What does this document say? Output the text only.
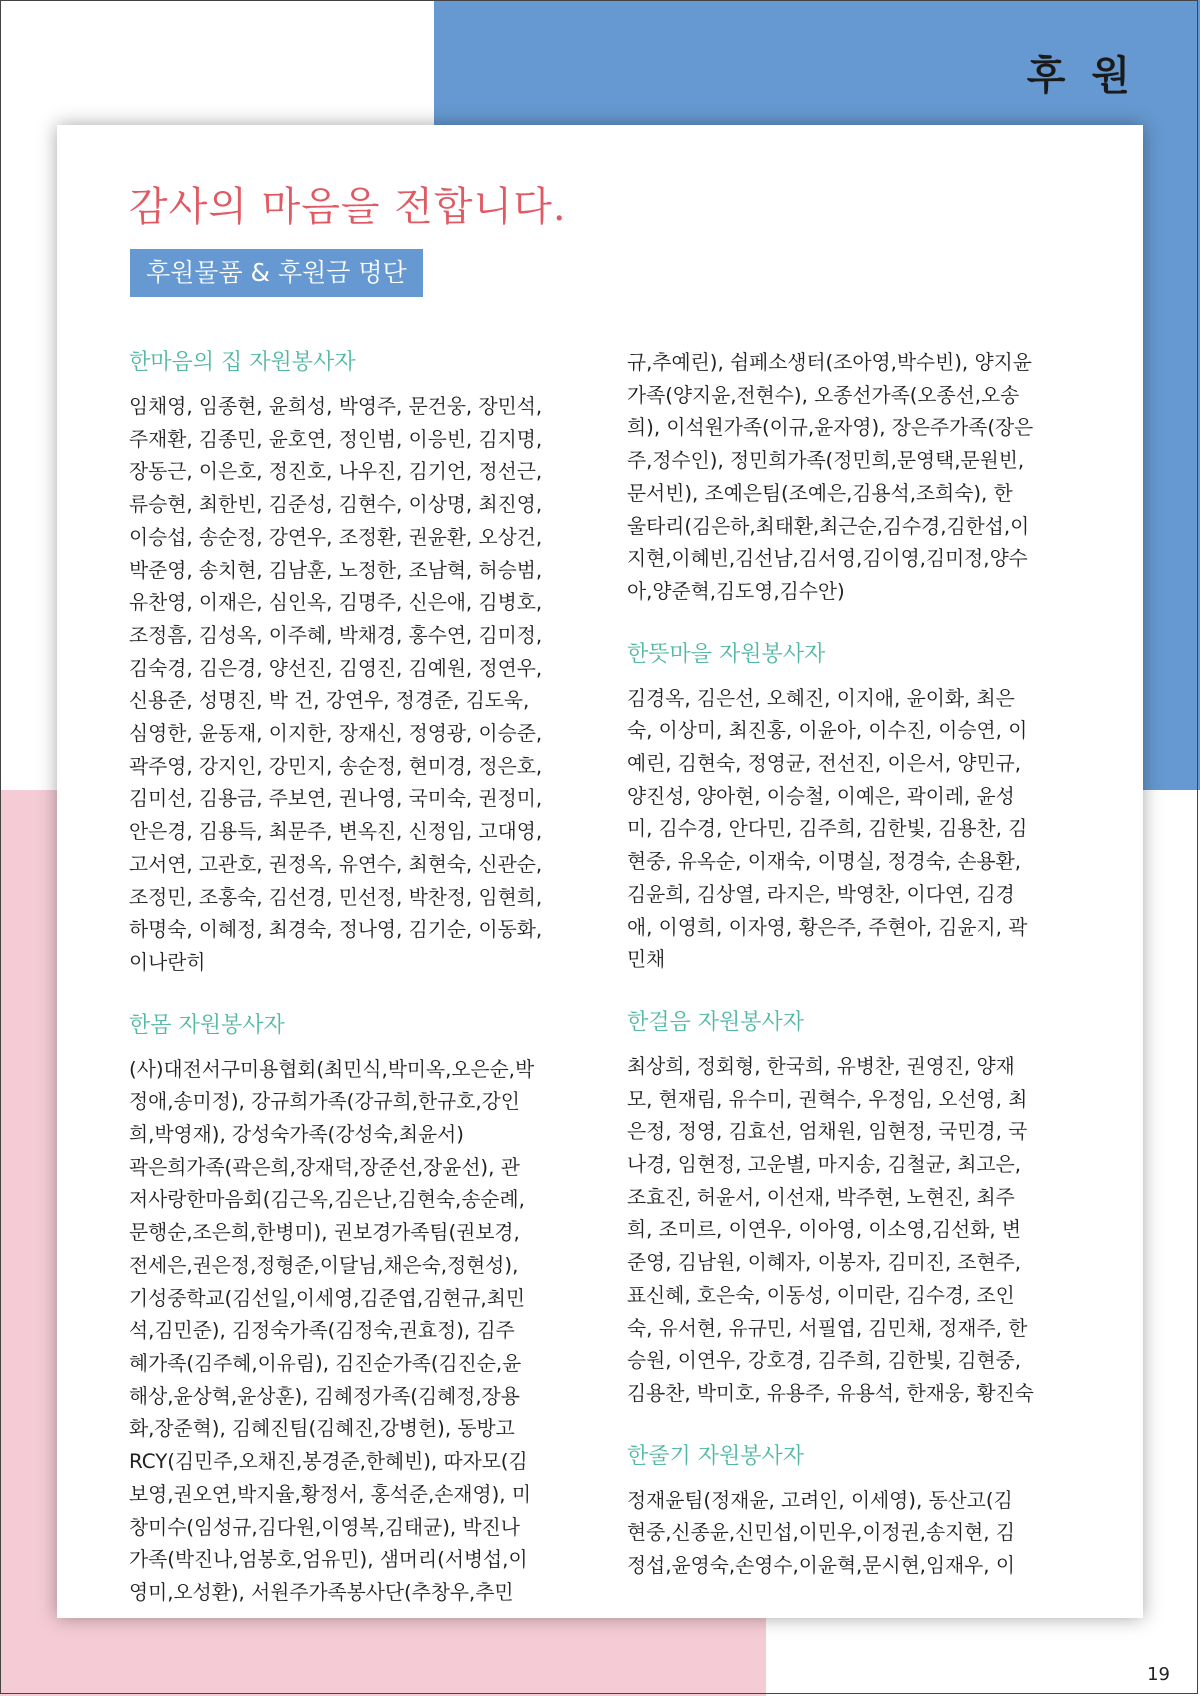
후 원
19
감사의 마음을 전합니다.
후원물품 & 후원금 명단
한마음의 집 자원봉사자

임채영, 임종현, 윤희성, 박영주, 문건웅, 장민석,

주재환, 김종민, 윤호연, 정인범, 이응빈, 김지명,

장동근, 이은호, 정진호, 나우진, 김기언, 정선근,

류승현, 최한빈, 김준성, 김현수, 이상명, 최진영,

이승섭, 송순정, 강연우, 조정환, 권윤환, 오상건,

박준영, 송치현, 김남훈, 노정한, 조남혁, 허승범,

유찬영, 이재은, 심인옥, 김명주, 신은애, 김병호,

조정흠, 김성옥, 이주혜, 박채경, 홍수연, 김미정,

김숙경, 김은경, 양선진, 김영진, 김예원, 정연우,

신용준, 성명진, 박 건, 강연우, 정경준, 김도욱,

심영한, 윤동재, 이지한, 장재신, 정영광, 이승준,

곽주영, 강지인, 강민지, 송순정, 현미경, 정은호,

김미선, 김용금, 주보연, 권나영, 국미숙, 권정미,

안은경, 김용득, 최문주, 변옥진, 신정임, 고대영,

고서연, 고관호, 권정옥, 유연수, 최현숙, 신관순,

조정민, 조홍숙, 김선경, 민선정, 박찬정, 임현희,

하명숙, 이혜정, 최경숙, 정나영, 김기순, 이동화,

이나란히

한몸 자원봉사자

(사)대전서구미용협회(최민식,박미옥,오은순,박

정애,송미정), 강규희가족(강규희,한규호,강인

희,박영재), 강성숙가족(강성숙,최윤서)

곽은희가족(곽은희,장재덕,장준선,장윤선), 관

저사랑한마음회(김근옥,김은난,김현숙,송순례,

문행순,조은희,한병미), 권보경가족팀(권보경,

전세은,권은정,정형준,이달님,채은숙,정현성),

기성중학교(김선일,이세영,김준엽,김현규,최민

석,김민준), 김정숙가족(김정숙,권효정), 김주

혜가족(김주혜,이유림), 김진순가족(김진순,윤

해상,윤상혁,윤상훈), 김혜정가족(김혜정,장용

화,장준혁), 김혜진팀(김혜진,강병헌), 동방고

RCY(김민주,오채진,봉경준,한혜빈), 따자모(김

보영,권오연,박지율,황정서, 홍석준,손재영), 미

창미수(임성규,김다원,이영복,김태균), 박진나

가족(박진나,엄봉호,엄유민), 샘머리(서병섭,이

영미,오성환), 서원주가족봉사단(추창우,추민

규,추예린), 쉼페소생터(조아영,박수빈), 양지윤

가족(양지윤,전현수), 오종선가족(오종선,오송

희), 이석원가족(이규,윤자영), 장은주가족(장은

주,정수인), 정민희가족(정민희,문영택,문원빈,

문서빈), 조예은팀(조예은,김용석,조희숙), 한

울타리(김은하,최태환,최근순,김수경,김한섭,이

지현,이혜빈,김선남,김서영,김이영,김미정,양수

아,양준혁,김도영,김수안)

한뜻마을 자원봉사자

김경옥, 김은선, 오혜진, 이지애, 윤이화, 최은

숙, 이상미, 최진홍, 이윤아, 이수진, 이승연, 이

예린, 김현숙, 정영균, 전선진, 이은서, 양민규,

양진성, 양아현, 이승철, 이예은, 곽이레, 윤성

미, 김수경, 안다민, 김주희, 김한빛, 김용찬, 김

현중, 유옥순, 이재숙, 이명실, 정경숙, 손용환,

김윤희, 김상열, 라지은, 박영찬, 이다연, 김경

애, 이영희, 이자영, 황은주, 주현아, 김윤지, 곽

민채

한걸음 자원봉사자

최상희, 정회형, 한국희, 유병찬, 권영진, 양재

모, 현재림, 유수미, 권혁수, 우정임, 오선영, 최

은정, 정영, 김효선, 엄채원, 임현정, 국민경, 국

나경, 임현정, 고운별, 마지송, 김철균, 최고은,

조효진, 허윤서, 이선재, 박주현, 노현진, 최주

희, 조미르, 이연우, 이아영, 이소영,김선화, 변

준영, 김남원, 이혜자, 이봉자, 김미진, 조현주,

표신혜, 호은숙, 이동성, 이미란, 김수경, 조인

숙, 유서현, 유규민, 서필엽, 김민채, 정재주, 한

승원, 이연우, 강호경, 김주희, 김한빛, 김현중,

김용찬, 박미호, 유용주, 유용석, 한재웅, 황진숙

한줄기 자원봉사자

정재윤팀(정재윤, 고려인, 이세영), 동산고(김

현중,신종윤,신민섭,이민우,이정권,송지현, 김

정섭,윤영숙,손영수,이윤혁,문시현,임재우, 이
